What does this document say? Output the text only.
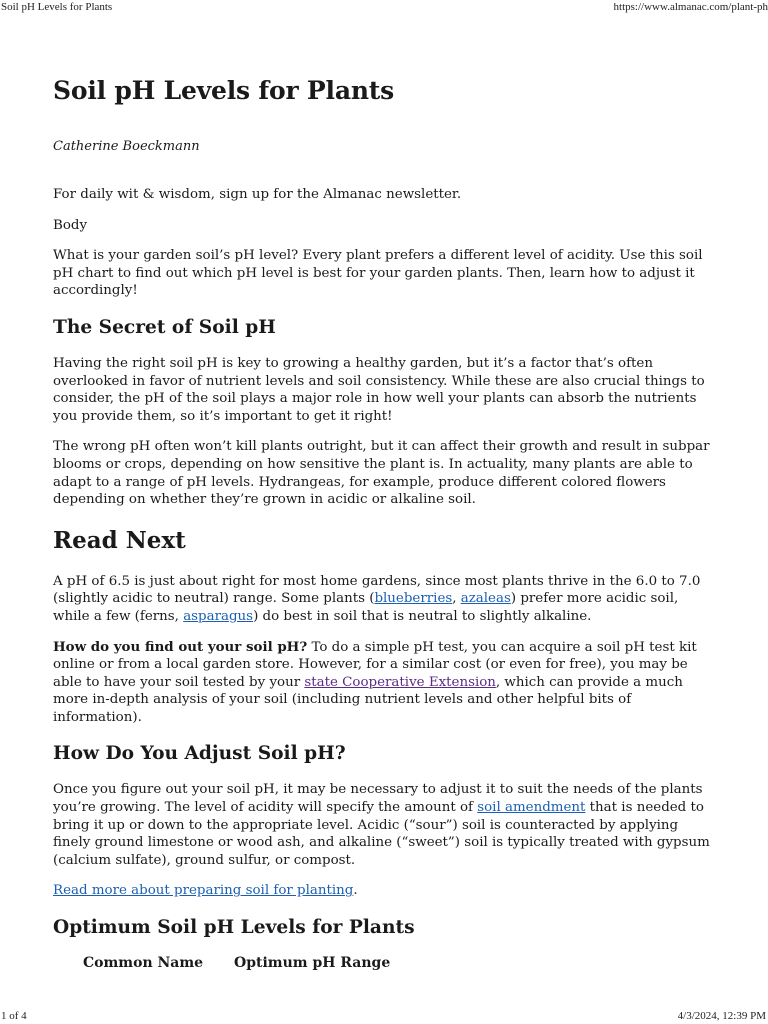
Soil pH Levels for Plants	https://www.almanac.com/plant-ph
Soil pH Levels for Plants
Catherine Boeckmann

For daily wit & wisdom, sign up for the Almanac newsletter.

Body

What is your garden soil’s pH level? Every plant prefers a different level of acidity. Use this soil pH chart to find out which pH level is best for your garden plants. Then, learn how to adjust it accordingly!

The Secret of Soil pH

Having the right soil pH is key to growing a healthy garden, but it’s a factor that’s often overlooked in favor of nutrient levels and soil consistency. While these are also crucial things to consider, the pH of the soil plays a major role in how well your plants can absorb the nutrients you provide them, so it’s important to get it right!

The wrong pH often won’t kill plants outright, but it can affect their growth and result in subpar blooms or crops, depending on how sensitive the plant is. In actuality, many plants are able to adapt to a range of pH levels. Hydrangeas, for example, produce different colored flowers depending on whether they’re grown in acidic or alkaline soil.

Read Next

A pH of 6.5 is just about right for most home gardens, since most plants thrive in the 6.0 to 7.0 (slightly acidic to neutral) range. Some plants (blueberries, azaleas) prefer more acidic soil, while a few (ferns, asparagus) do best in soil that is neutral to slightly alkaline.

How do you find out your soil pH? To do a simple pH test, you can acquire a soil pH test kit online or from a local garden store. However, for a similar cost (or even for free), you may be able to have your soil tested by your state Cooperative Extension, which can provide a much more in-depth analysis of your soil (including nutrient levels and other helpful bits of information).

How Do You Adjust Soil pH?

Once you figure out your soil pH, it may be necessary to adjust it to suit the needs of the plants you’re growing. The level of acidity will specify the amount of soil amendment that is needed to bring it up or down to the appropriate level. Acidic (“sour”) soil is counteracted by applying finely ground limestone or wood ash, and alkaline (“sweet”) soil is typically treated with gypsum (calcium sulfate), ground sulfur, or compost.

Read more about preparing soil for planting.

Optimum Soil pH Levels for Plants
Common Name	Optimum pH Range
1 of 4	4/3/2024, 12:39 PM
